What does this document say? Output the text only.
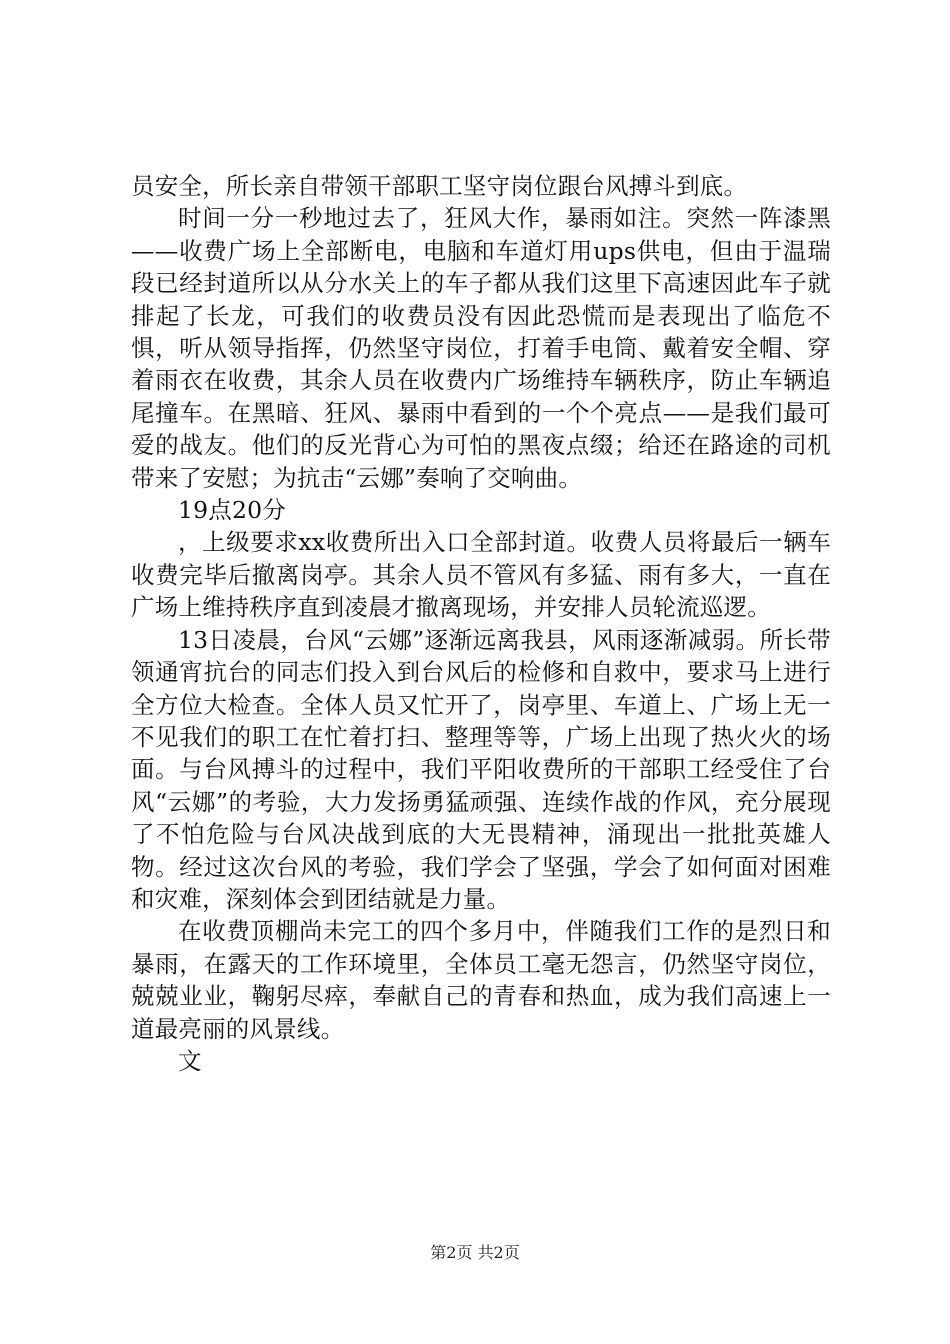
员安全，所长亲自带领干部职工坚守岗位跟台风搏斗到底。

时间一分一秒地过去了，狂风大作，暴雨如注。突然一阵漆黑——收费广场上全部断电，电脑和车道灯用ups供电，但由于温瑞段已经封道所以从分水关上的车子都从我们这里下高速因此车子就排起了长龙，可我们的收费员没有因此恐慌而是表现出了临危不惧，听从领导指挥，仍然坚守岗位，打着手电筒、戴着安全帽、穿着雨衣在收费，其余人员在收费内广场维持车辆秩序，防止车辆追尾撞车。在黑暗、狂风、暴雨中看到的一个个亮点——是我们最可爱的战友。他们的反光背心为可怕的黑夜点缀；给还在路途的司机带来了安慰；为抗击“云娜”奏响了交响曲。

19点20分

，上级要求xx收费所出入口全部封道。收费人员将最后一辆车收费完毕后撤离岗亭。其余人员不管风有多猛、雨有多大，一直在广场上维持秩序直到凌晨才撤离现场，并安排人员轮流巡逻。

13日凌晨，台风“云娜”逐渐远离我县，风雨逐渐减弱。所长带领通宵抗台的同志们投入到台风后的检修和自救中，要求马上进行全方位大检查。全体人员又忙开了，岗亭里、车道上、广场上无一不见我们的职工在忙着打扫、整理等等，广场上出现了热火火的场面。与台风搏斗的过程中，我们平阳收费所的干部职工经受住了台风“云娜”的考验，大力发扬勇猛顽强、连续作战的作风，充分展现了不怕危险与台风决战到底的大无畏精神，涌现出一批批英雄人物。经过这次台风的考验，我们学会了坚强，学会了如何面对困难和灾难，深刻体会到团结就是力量。

在收费顶棚尚未完工的四个多月中，伴随我们工作的是烈日和暴雨，在露天的工作环境里，全体员工毫无怨言，仍然坚守岗位，兢兢业业，鞠躬尽瘁，奉献自己的青春和热血，成为我们高速上一道最亮丽的风景线。

文

第2页 共2页
